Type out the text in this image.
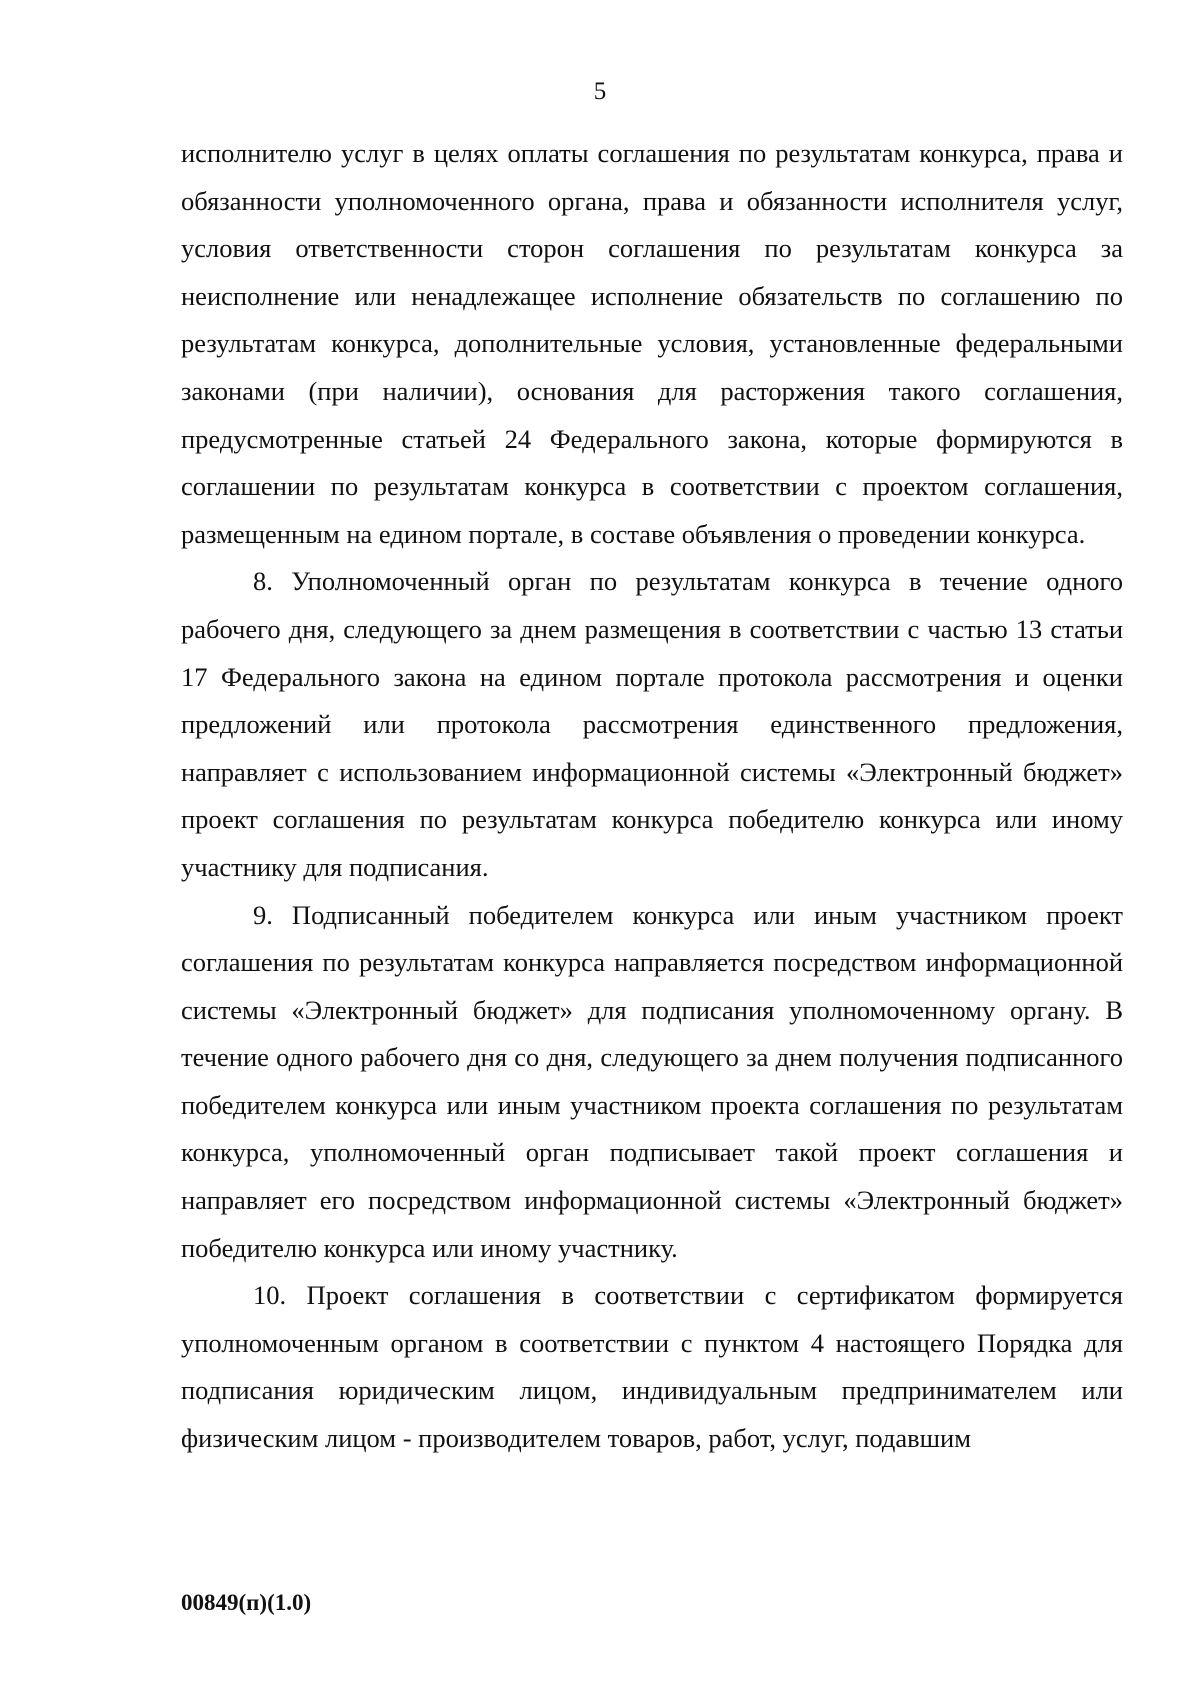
5

исполнителю услуг в целях оплаты соглашения по результатам конкурса, права и обязанности уполномоченного органа, права и обязанности исполнителя услуг, условия ответственности сторон соглашения по результатам конкурса за неисполнение или ненадлежащее исполнение обязательств по соглашению по результатам конкурса, дополнительные условия, установленные федеральными законами (при наличии), основания для расторжения такого соглашения, предусмотренные статьей 24 Федерального закона, которые формируются в соглашении по результатам конкурса в соответствии с проектом соглашения, размещенным на едином портале, в составе объявления о проведении конкурса.

8. Уполномоченный орган по результатам конкурса в течение одного рабочего дня, следующего за днем размещения в соответствии с частью 13 статьи 17 Федерального закона на едином портале протокола рассмотрения и оценки предложений или протокола рассмотрения единственного предложения, направляет с использованием информационной системы «Электронный бюджет» проект соглашения по результатам конкурса победителю конкурса или иному участнику для подписания.

9. Подписанный победителем конкурса или иным участником проект соглашения по результатам конкурса направляется посредством информационной системы «Электронный бюджет» для подписания уполномоченному органу. В течение одного рабочего дня со дня, следующего за днем получения подписанного победителем конкурса или иным участником проекта соглашения по результатам конкурса, уполномоченный орган подписывает такой проект соглашения и направляет его посредством информационной системы «Электронный бюджет» победителю конкурса или иному участнику.

10. Проект соглашения в соответствии с сертификатом формируется уполномоченным органом в соответствии с пунктом 4 настоящего Порядка для подписания юридическим лицом, индивидуальным предпринимателем или физическим лицом - производителем товаров, работ, услуг, подавшим

00849(п)(1.0)
